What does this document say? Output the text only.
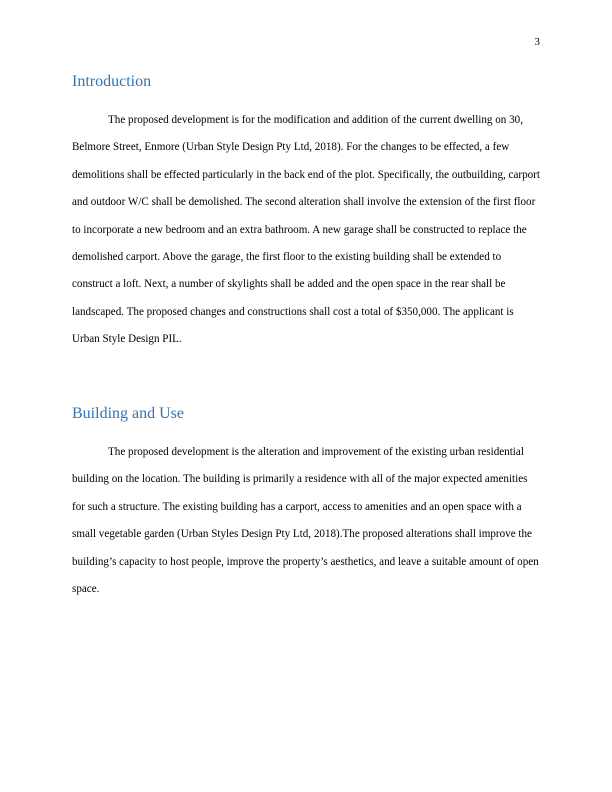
3
Introduction

The proposed development is for the modification and addition of the current dwelling on 30, Belmore Street, Enmore (Urban Style Design Pty Ltd, 2018). For the changes to be effected, a few demolitions shall be effected particularly in the back end of the plot. Specifically, the outbuilding, carport and outdoor W/C shall be demolished. The second alteration shall involve the extension of the first floor to incorporate a new bedroom and an extra bathroom. A new garage shall be constructed to replace the demolished carport. Above the garage, the first floor to the existing building shall be extended to construct a loft. Next, a number of skylights shall be added and the open space in the rear shall be landscaped. The proposed changes and constructions shall cost a total of $350,000. The applicant is Urban Style Design PIL.

Building and Use

The proposed development is the alteration and improvement of the existing urban residential building on the location. The building is primarily a residence with all of the major expected amenities for such a structure. The existing building has a carport, access to amenities and an open space with a small vegetable garden (Urban Styles Design Pty Ltd, 2018).The proposed alterations shall improve the building’s capacity to host people, improve the property’s aesthetics, and leave a suitable amount of open space.
